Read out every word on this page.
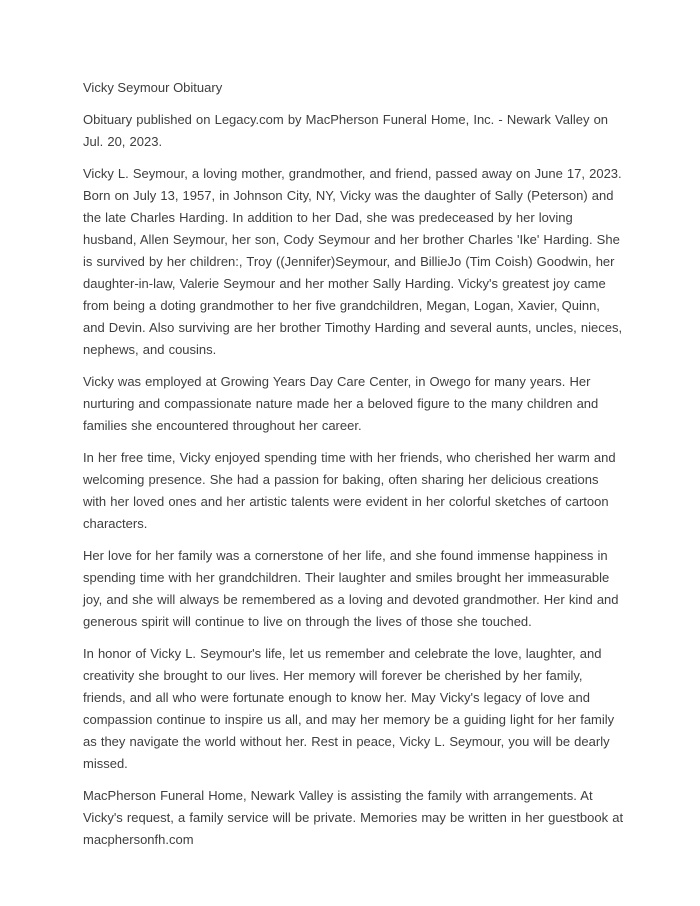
Vicky Seymour Obituary

Obituary published on Legacy.com by MacPherson Funeral Home, Inc. - Newark Valley on Jul. 20, 2023.

Vicky L. Seymour, a loving mother, grandmother, and friend, passed away on June 17, 2023. Born on July 13, 1957, in Johnson City, NY, Vicky was the daughter of Sally (Peterson) and the late Charles Harding. In addition to her Dad, she was predeceased by her loving husband, Allen Seymour, her son, Cody Seymour and her brother Charles 'Ike' Harding. She is survived by her children:, Troy ((Jennifer)Seymour, and BillieJo (Tim Coish) Goodwin, her daughter-in-law, Valerie Seymour and her mother Sally Harding. Vicky's greatest joy came from being a doting grandmother to her five grandchildren, Megan, Logan, Xavier, Quinn, and Devin. Also surviving are her brother Timothy Harding and several aunts, uncles, nieces, nephews, and cousins.

Vicky was employed at Growing Years Day Care Center, in Owego for many years. Her nurturing and compassionate nature made her a beloved figure to the many children and families she encountered throughout her career.

In her free time, Vicky enjoyed spending time with her friends, who cherished her warm and welcoming presence. She had a passion for baking, often sharing her delicious creations with her loved ones and her artistic talents were evident in her colorful sketches of cartoon characters.

Her love for her family was a cornerstone of her life, and she found immense happiness in spending time with her grandchildren. Their laughter and smiles brought her immeasurable joy, and she will always be remembered as a loving and devoted grandmother. Her kind and generous spirit will continue to live on through the lives of those she touched.

In honor of Vicky L. Seymour's life, let us remember and celebrate the love, laughter, and creativity she brought to our lives. Her memory will forever be cherished by her family, friends, and all who were fortunate enough to know her. May Vicky's legacy of love and compassion continue to inspire us all, and may her memory be a guiding light for her family as they navigate the world without her. Rest in peace, Vicky L. Seymour, you will be dearly missed.

MacPherson Funeral Home, Newark Valley is assisting the family with arrangements. At Vicky's request, a family service will be private. Memories may be written in her guestbook at macphersonfh.com
